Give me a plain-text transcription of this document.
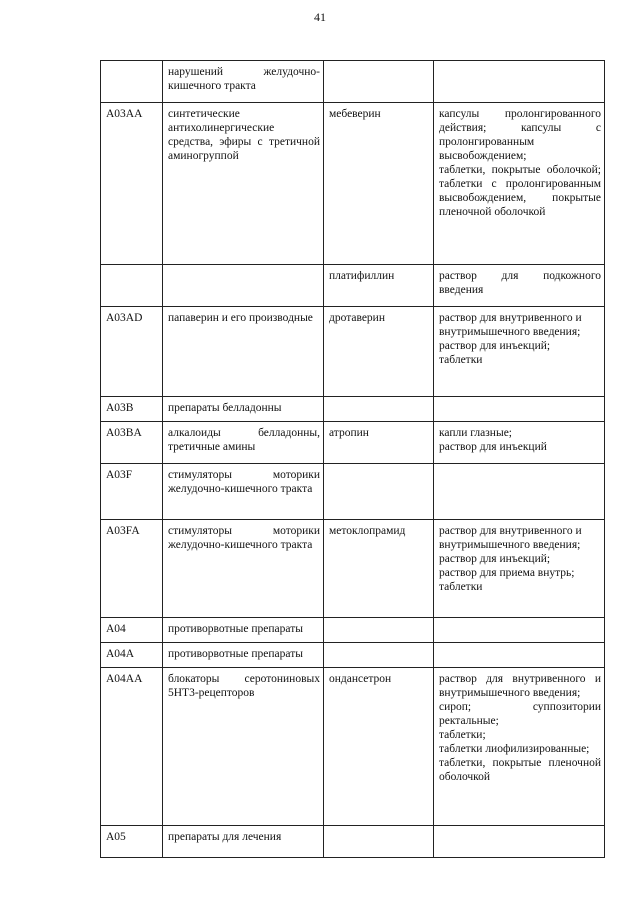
41
	нарушений желудочно-кишечного тракта		
A03AA	синтетические антихолинергические средства, эфиры с третичной аминогруппой	мебеверин	капсулы пролонгированного действия; капсулы с пролонгированным высвобождением;
таблетки, покрытые оболочкой; таблетки с пролонгированным высвобождением, покрытые пленочной оболочкой
		платифиллин	раствор для подкожного введения
A03AD	папаверин и его производные	дротаверин	раствор для внутривенного и внутримышечного введения;
раствор для инъекций;
таблетки
A03B	препараты белладонны		
A03BA	алкалоиды белладонны, третичные амины	атропин	капли глазные;
раствор для инъекций
A03F	стимуляторы моторики желудочно-кишечного тракта		
A03FA	стимуляторы моторики желудочно-кишечного тракта	метоклопрамид	раствор для внутривенного и внутримышечного введения;
раствор для инъекций;
раствор для приема внутрь;
таблетки
A04	противорвотные препараты		
A04A	противорвотные препараты		
A04AA	блокаторы серотониновых 5HT3-рецепторов	ондансетрон	раствор для внутривенного и внутримышечного введения;
сироп; суппозитории ректальные;
таблетки;
таблетки лиофилизированные;
таблетки, покрытые пленочной оболочкой
A05	препараты для лечения		
